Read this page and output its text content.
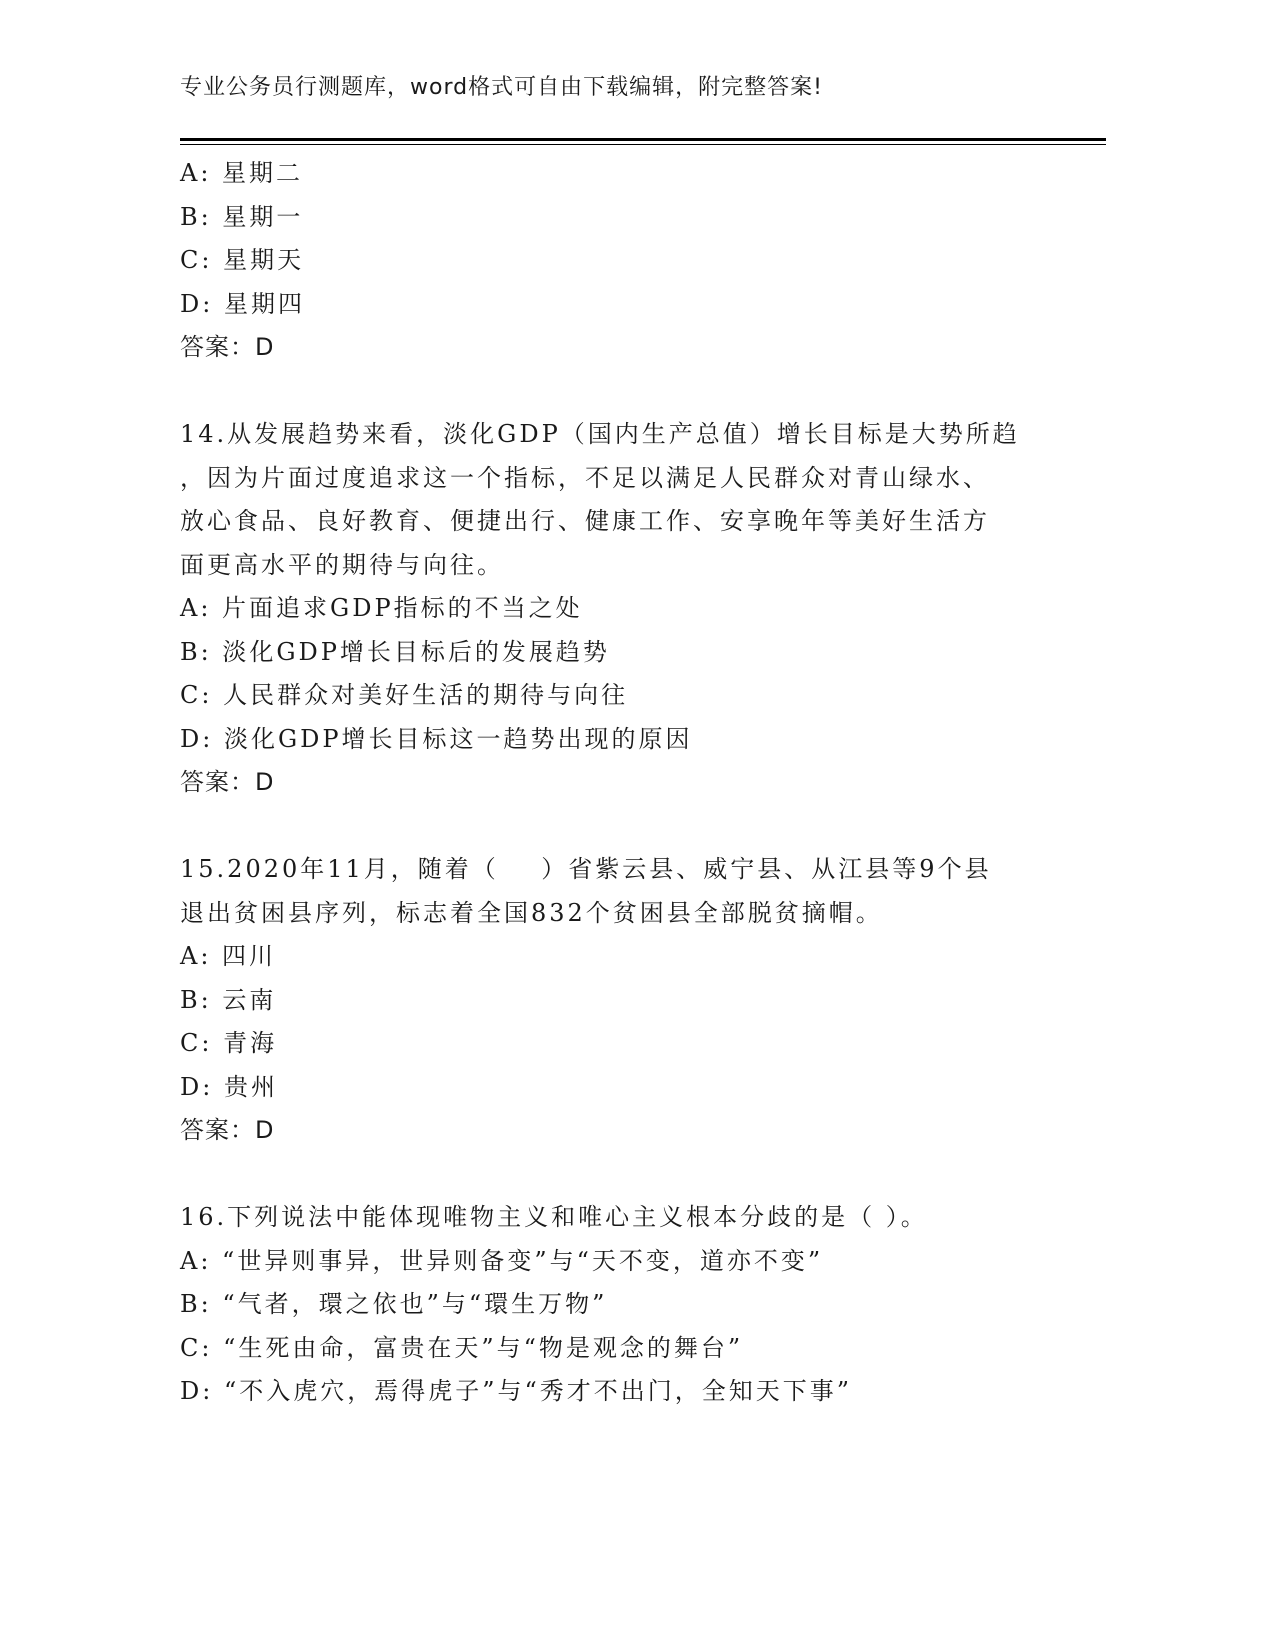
专业公务员行测题库，word格式可自由下载编辑，附完整答案!
A: 星期二
B: 星期一
C: 星期天
D: 星期四
答案：D
14.从发展趋势来看，淡化GDP（国内生产总值）增长目标是大势所趋
，因为片面过度追求这一个指标，不足以满足人民群众对青山绿水、
放心食品、良好教育、便捷出行、健康工作、安享晚年等美好生活方
面更高水平的期待与向往。
A: 片面追求GDP指标的不当之处
B: 淡化GDP增长目标后的发展趋势
C: 人民群众对美好生活的期待与向往
D: 淡化GDP增长目标这一趋势出现的原因
答案：D
15.2020年11月，随着（    ）省紫云县、威宁县、从江县等9个县
退出贫困县序列，标志着全国832个贫困县全部脱贫摘帽。
A: 四川
B: 云南
C: 青海
D: 贵州
答案：D
16.下列说法中能体现唯物主义和唯心主义根本分歧的是（ ）。
A: “世异则事异，世异则备变”与“天不变，道亦不变”
B: “气者，環之依也”与“環生万物”
C: “生死由命，富贵在天”与“物是观念的舞台”
D: “不入虎穴，焉得虎子”与“秀才不出门，全知天下事”
